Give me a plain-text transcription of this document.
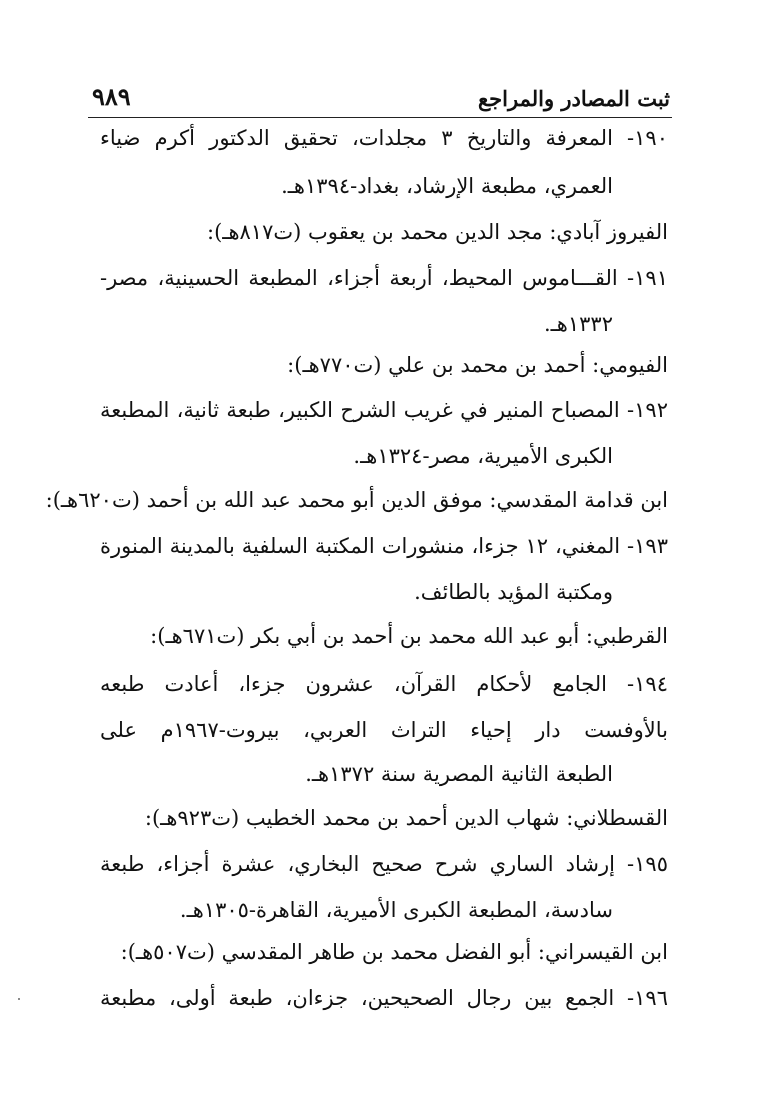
٩٨٩	ثبت المصادر والمراجع
١٩٠- المعرفة والتاريخ ٣ مجلدات، تحقيق الدكتور أكرم ضياء
العمري، مطبعة الإرشاد، بغداد-١٣٩٤هـ.
الفيروز آبادي: مجد الدين محمد بن يعقوب (ت٨١٧هـ):
١٩١- القـــاموس المحيط، أربعة أجزاء، المطبعة الحسينية، مصر-
١٣٣٢هـ.
الفيومي: أحمد بن محمد بن علي (ت٧٧٠هـ):
١٩٢- المصباح المنير في غريب الشرح الكبير، طبعة ثانية، المطبعة
الكبرى الأميرية، مصر-١٣٢٤هـ.
ابن قدامة المقدسي: موفق الدين أبو محمد عبد الله بن أحمد (ت٦٢٠هـ):
١٩٣- المغني، ١٢ جزءا، منشورات المكتبة السلفية بالمدينة المنورة
ومكتبة المؤيد بالطائف.
القرطبي: أبو عبد الله محمد بن أحمد بن أبي بكر (ت٦٧١هـ):
١٩٤- الجامع لأحكام القرآن، عشرون جزءا، أعادت طبعه
بالأوفست دار إحياء التراث العربي، بيروت-١٩٦٧م على
الطبعة الثانية المصرية سنة ١٣٧٢هـ.
القسطلاني: شهاب الدين أحمد بن محمد الخطيب (ت٩٢٣هـ):
١٩٥- إرشاد الساري شرح صحيح البخاري، عشرة أجزاء، طبعة
سادسة، المطبعة الكبرى الأميرية، القاهرة-١٣٠٥هـ.
ابن القيسراني: أبو الفضل محمد بن طاهر المقدسي (ت٥٠٧هـ):
١٩٦- الجمع بين رجال الصحيحين، جزءان، طبعة أولى، مطبعة
